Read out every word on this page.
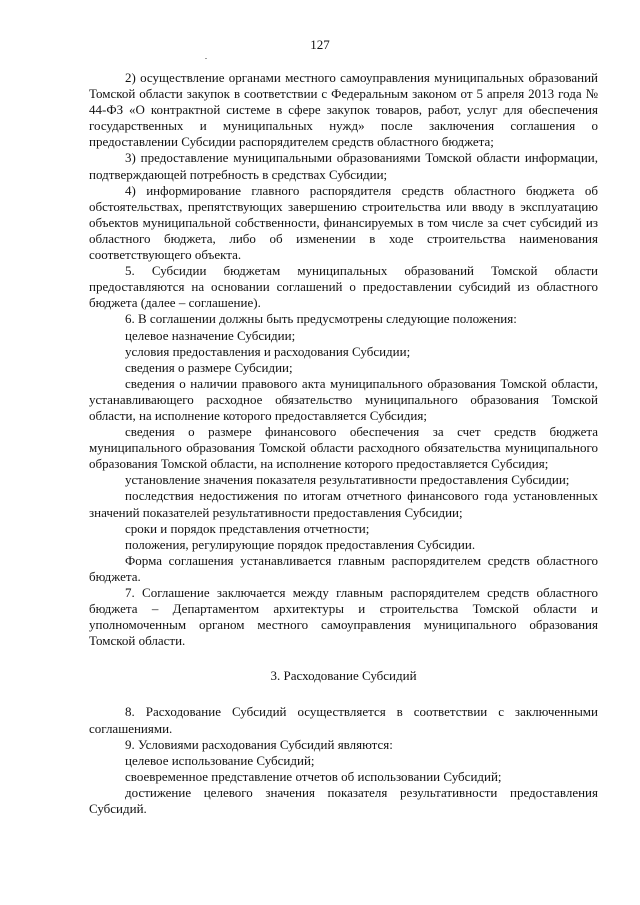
127

2) осуществление органами местного самоуправления муниципальных образований Томской области закупок в соответствии с Федеральным законом от 5 апреля 2013 года № 44-ФЗ «О контрактной системе в сфере закупок товаров, работ, услуг для обеспечения государственных и муниципальных нужд» после заключения соглашения о предоставлении Субсидии распорядителем средств областного бюджета;

3) предоставление муниципальными образованиями Томской области информации, подтверждающей потребность в средствах Субсидии;

4) информирование главного распорядителя средств областного бюджета об обстоятельствах, препятствующих завершению строительства или вводу в эксплуатацию объектов муниципальной собственности, финансируемых в том числе за счет субсидий из областного бюджета, либо об изменении в ходе строительства наименования соответствующего объекта.

5. Субсидии бюджетам муниципальных образований Томской области предоставляются на основании соглашений о предоставлении субсидий из областного бюджета (далее – соглашение).

6. В соглашении должны быть предусмотрены следующие положения:

целевое назначение Субсидии;

условия предоставления и расходования Субсидии;

сведения о размере Субсидии;

сведения о наличии правового акта муниципального образования Томской области, устанавливающего расходное обязательство муниципального образования Томской области, на исполнение которого предоставляется Субсидия;

сведения о размере финансового обеспечения за счет средств бюджета муниципального образования Томской области расходного обязательства муниципального образования Томской области, на исполнение которого предоставляется Субсидия;

установление значения показателя результативности предоставления Субсидии;

последствия недостижения по итогам отчетного финансового года установленных значений показателей результативности предоставления Субсидии;

сроки и порядок представления отчетности;

положения, регулирующие порядок предоставления Субсидии.

Форма соглашения устанавливается главным распорядителем средств областного бюджета.

7. Соглашение заключается между главным распорядителем средств областного бюджета – Департаментом архитектуры и строительства Томской области и уполномоченным органом местного самоуправления муниципального образования Томской области.

3. Расходование Субсидий

8. Расходование Субсидий осуществляется в соответствии с заключенными соглашениями.

9. Условиями расходования Субсидий являются:

целевое использование Субсидий;

своевременное представление отчетов об использовании Субсидий;

достижение целевого значения показателя результативности предоставления Субсидий.
